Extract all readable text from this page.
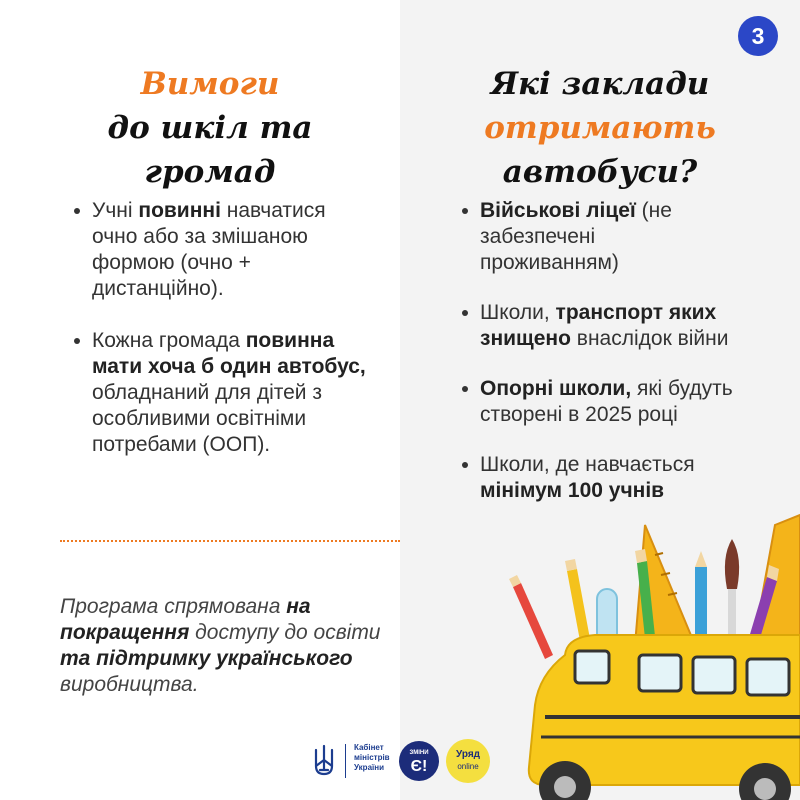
3
Вимоги
до шкіл та громад
Які заклади
отримають автобуси?
Учні повинні навчатися очно або за змішаною формою (очно + дистанційно).
Кожна громада повинна мати хоча б один автобус, обладнаний для дітей з особливими освітніми потребами (ООП).
Військові ліцеї (не забезпечені проживанням)
Школи, транспорт яких знищено внаслідок війни
Опорні школи, які будуть створені в 2025 році
Школи, де навчається мінімум 100 учнів
Програма спрямована на покращення доступу до освіти та підтримку українського виробництва.
Кабінет
міністрів
України
ЗМІНИ
Є!
Уряд
online
